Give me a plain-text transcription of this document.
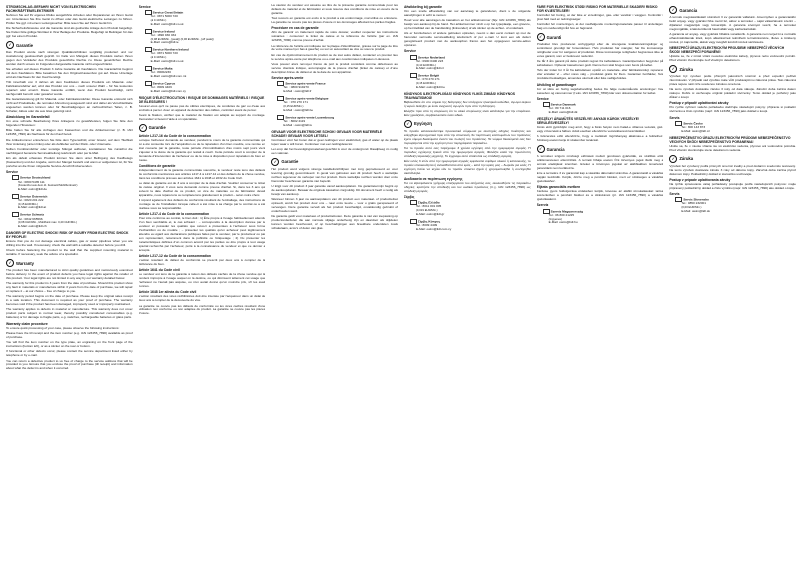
STROMSCHLAG-GEFAHR! NICHT VON ELEKTRISCHEN FACHKRÄFTEN/ELEKTRIKER

Nehmen Sie auf Ihr eigenes Risiko ausgeführte Arbeiten oder Reparaturen an Ihrem Gerät vor. Unterlassen Sie Ihre Gerät zu öffnen oder das Gerät elektrische Leitungen zu führen. Prüfen Sie ggf. mit einem Leitungssucher. Bitte lesen Sie auf Ihrem Gerät hin.

Die Sicherheitshinweise und die Garantie sind als gedruckte Anlage dem Produkt beigefügt. Sie finden bitte gültige Wortlaut in Ihrer Beilage der Produkte. Beigefügt ist Beiträgen für das ggf. bei einem Produkt.

✓	Garantie

Das Produkt wurde nach strengen Qualitätsrichtlinien sorgfältig produziert und vor Auslieferung gewissenhaft geprüft. Im Falle von Mängeln dieses Produkts stehen Ihnen gegen den Verkäufer des Produkts gesetzliche Rechte zu. Diese gesetzlichen Rechte werden durch unsere im Folgenden dargestellte Garantie nicht eingeschränkt.

Sie erhalten auf dieses Produkt 3 Jahre Garantie ab Kaufdatum. Die Garantiefrist beginnt mit dem Kaufdatum. Bitte bewahren Sie den Original-Kassenbon gut auf. Diese Unterlage wird als Nachweis für den Kauf benötigt.

Tritt innerhalb von 3 Jahren ab dem Kaufdatum dieses Produkts ein Material- oder Fabrikationsfehler auf, wird das Produkt von uns – nach unserer Wahl – für Sie kostenlos repariert oder ersetzt. Diese Garantie entfällt, wenn das Produkt beschädigt, nicht sachgemäß benutzt oder gewartet wurde.

Die Garantieleistung gilt für Material- oder Fabrikationsfehler. Diese Garantie erstreckt sich nicht auf Produktteile, die normaler Abnutzung ausgesetzt sind und daher als Verschleißteile angesehen werden können oder für Beschädigungen an zerbrechlichen Teilen, z. B. Schalter, Akkus oder die aus Glas gefertigt sind.

Abwicklung im Garantiefall

Um eine schnelle Bearbeitung Ihres Anliegens zu gewährleisten, folgen Sie bitte den folgenden Hinweisen:

Bitte halten Sie für alle Anfragen den Kassenbon und die Artikelnummer (z. B. IAN 123456_7890) als Nachweis für den Kauf bereit.

Die Artikelnummer entnehmen Sie bitte dem Typenschild, einer Gravur, auf dem Titelblatt Ihrer Anleitung (unten links) oder als Aufkleber auf der Rück- oder Unterseite.

Sollten Funktionsfehler oder sonstige Mängel auftreten, kontaktieren Sie zunächst die nachfolgend benannte Serviceabteilung telefonisch oder per E-Mail.

Ein als defekt erfasstes Produkt können Sie dann unter Beifügung des Kaufbelegs (Kassenbon) und der Angabe, worin der Mangel besteht und wann er aufgetreten ist, für Sie portofrei an die Ihnen mitgeteilte Service-Anschrift übersenden.

Service
Service Deutschland
Tel.: 0800 5435 111
(Kostenfrei aus dem dt. Festnetz/Mobilfunknetz)
E-Mail: owim@lidl.de
Service Österreich
Tel.: 0820 201 222
(0,15 EUR/Min.)
E-Mail: owim@lidl.at
Service Schweiz
Tel.: 0842 665566
(0,08 CHF/Min., Mobilfunk max. 0,40 CHF/Min.)
E-Mail: owim@lidl.ch
DANGER OF ELECTRIC SHOCK! RISK OF INJURY FROM ELECTRIC SHOCK BY PEOPLE!

Ensure that you do not damage electrical cables, gas or water pipelines when you are drilling into the wall. If necessary, check the wall with a suitable detector before you drill.

Check before fastening the product to the wall that the supplied mounting material is suitable. If necessary, seek the advice of a specialist.

✓	Warranty

The product has been manufactured to strict quality guidelines and meticulously examined before delivery. In the event of product defects you have legal rights against the retailer of this product. Your legal rights are not limited in any way by our warranty detailed below.

The warranty for this product is 3 years from the date of purchase. Should this product show any fault in materials or manufacture within 3 years from the date of purchase, we will repair or replace it – at our choice – free of charge to you.

The warranty period begins on the date of purchase. Please keep the original sales receipt in a safe location. This document is required as your proof of purchase. The warranty becomes void if the product has been damaged, improperly used or improperly maintained.

The warranty applies to defects in material or manufacture. This warranty does not cover product parts subject to normal wear, thereby possibly considered consumables (e.g. batteries) or for damage to fragile parts, e.g. switches, rechargeable batteries or glass parts.

Warranty claim procedure

To ensure quick processing of your case, please observe the following instructions:

Please have the till receipt and the item number (e.g. IAN 123456_7890) available as proof of purchase.

You will find the item number on the type plate, an engraving on the front page of the instructions (bottom left), or as a sticker on the rear or bottom.

If functional or other defects occur, please contact the service department listed either by telephone or by e-mail.

You can return a defective product to us free of charge to the service address that will be provided to you. Ensure that you enclose the proof of purchase (till receipt) and information about what the defect is and when it occurred.

Service
Service Great Britain
Tel.: 0871 5000 720
(£ 0.10/Min.)
E-Mail: owim@lidl.co.uk
Service Ireland
Tel.: 1890 930 034
(0,08 EUR/Min., [peak]) (0,06 EUR/Min., [off peak])
E-Mail: owim@lidl.ie
Service Northern Ireland
Tel.: 0871 5000 720
(£ 0.10/Min.)
E-Mail: owim@lidl.co.uk
Service Malta
Tel.: 80062230
E-Mail: owim@lidl.com.mt
Service Cyprus
Tel.: 8009 4409
E-Mail: owim@lidl.com.cy
RISQUE D'ÉLECTROCUTION ! RISQUE DE DOMMAGES MATÉRIELS ! RISQUE DE BLESSURES !

Assurez-vous qu'il ne passe pas de câbles électriques, de conduites de gaz ou d'eau aux endroits à percer. Avec un appareil de détection des câbles, contrôlez avant de percer.

Avant la fixation, vérifiez que le matériel de fixation est adapté au support de montage. Demandez si besoin l'aide à un spécialiste.

✓	Garantie
Article L217-16 du Code de la consommation

Lorsque l'acheteur demande au vendeur, pendant le cours de la garantie commerciale qui lui a été consentie lors de l'acquisition ou de la réparation d'un bien meuble, une remise en état couverte par la garantie, toute période d'immobilisation d'au moins sept jours vient s'ajouter à la durée de la garantie qui restait à courir. Cette période court à compter de la demande d'intervention de l'acheteur ou de la mise à disposition pour réparation du bien en cause.

Conditions de garantie

Indépendamment de la garantie commerciale souscrite, le vendeur reste tenu des défauts de conformité mentionnés aux articles L217-4 à L217-12 et des défauts de la chose vendue, dans les conditions prévues aux articles 1641 à 1648 et 2232 du Code Civil.

Le délai de garantie est de 3 ans à compter de la date d'achat. Veuillez conserver le ticket de caisse original. Il vous sera demandé comme preuve d'achat. Si, dans les 3 ans qui suivent la date d'achat de ce produit, un vice de matériau ou de fabrication devait apparaître, nous réparerons ou remplacerons gratuitement le produit – selon notre choix.

Il répond également des défauts de conformité résultant de l'emballage, des instructions de montage ou de l'installation lorsque celle-ci a été mise à sa charge par le contrat ou a été réalisée sous sa responsabilité.

Article L217-4 du Code de la consommation

Pour être conforme au contrat, le bien doit : 1) Être propre à l'usage habituellement attendu d'un bien semblable et, le cas échéant : – correspondre à la description donnée par le vendeur et posséder les qualités que celui-ci a présentées à l'acheteur sous forme d'échantillon ou de modèle ; – présenter les qualités qu'un acheteur peut légitimement attendre eu égard aux déclarations publiques faites par le vendeur, par le producteur ou par son représentant, notamment dans la publicité ou l'étiquetage ; 2) Ou présenter les caractéristiques définies d'un commun accord par les parties ou être propre à tout usage spécial recherché par l'acheteur, porté à la connaissance du vendeur et que ce dernier a accepté.

Article L217-12 du Code de la consommation

L'action résultant du défaut de conformité se prescrit par deux ans à compter de la délivrance du bien.

Article 1641 du Code civil

Le vendeur est tenu de la garantie à raison des défauts cachés de la chose vendue qui la rendent impropre à l'usage auquel on la destine, ou qui diminuent tellement cet usage que l'acheteur ne l'aurait pas acquise, ou n'en aurait donné qu'un moindre prix, s'il les avait connus.

Article 1648 1er alinéa du Code civil

L'action résultant des vices rédhibitoires doit être intentée par l'acquéreur dans un délai de deux ans à compter de la découverte du vice.

La garantie ne couvre pas les défauts de conformité ou les vices cachés résultant d'une utilisation non conforme ou non adaptée du produit. La garantie ne couvre pas les pièces d'usure.

La caution du vendeur est assurée au titre de la présente garantie commerciale pour les défauts de matériel et de fabrication et sous réserve des conditions de mise en œuvre de la garantie.

Tout recours en garantie est exclu si le produit a été endommagé, mal utilisé ou entretenu. La garantie ne couvre pas les pièces d'usure ni les dommages affectant les parties fragiles.

Procédure en cas de garantie

Afin de garantir un traitement rapide de votre dossier, veuillez respecter les instructions suivantes : conservez le ticket de caisse et la référence de l'article (par ex. IAN 123456_7890) comme preuve d'achat.

La référence de l'article est indiquée sur la plaque d'identification, gravée sur la page de titre de votre manuel (en bas à gauche) ou sur un autocollant au dos ou sous le produit.

En cas de dysfonctionnement du produit ou de tout autre défaut, contactez en premier lieu le service après-vente par téléphone ou e-mail aux coordonnées indiquées ci-dessous.

Vous pouvez alors renvoyer franco de port le produit considéré comme défectueux au service clientèle indiqué, accompagné de la preuve d'achat (ticket de caisse) et d'une description brève du défaut et de la date de son apparition.

Service après-vente
Service après-vente France
Tel. : 0800 919270
E-Mail : owim@lidl.fr
Service après-vente Belgique
Tel. : 070 270 171
(0,15 EUR/Min.)
E-Mail : owim@lidl.be
Service après-vente Luxembourg
Tel. : 8002 2119
E-Mail : owim@lidl.lu
GEVAAR VOOR ELEKTRISCHE SCHOK! GEVAAR VOOR MATERIËLE SCHADE! GEVAAR VOOR LETSEL!

Controleer vóór het boren dat er geen leidingen voor elektriciteit, gas of water op de plaats lopen waar u wilt boren. Controleer met een leidingdetector.

Let erop dat het bevestigingsmateriaal geschikt is voor de ondergrond. Raadpleeg zo nodig een vakman.

✓	Garantie

Het product werd volgens strenge kwaliteitsrichtlijnen met zorg geproduceerd en voor levering grondig gecontroleerd. In geval van gebreken aan dit product heeft u wettelijke rechten tegenover de verkoper van het product. Deze wettelijke rechten worden door onze hieronder beschreven garantie niet beperkt.

U krijgt voor dit product 3 jaar garantie vanaf aankoopdatum. De garantietermijn begint op de aankoopdatum. Bewaar de originele kassabon zorgvuldig. Dit document heeft u nodig als bewijs van aankoop.

Wanneer binnen 3 jaar na aankoopdatum van dit product een materiaal- of productiefout optreedt, wordt het product door ons – naar onze keuze – voor u gratis gerepareerd of vervangen. Deze garantie vervalt als het product beschadigd, onvakkundig gebruikt of onderhouden werd.

De garantie geldt voor materiaal- of productiefouten. Deze garantie is niet van toepassing op productonderdelen die aan normale slijtage onderhevig zijn en daardoor als slijtdelen kunnen worden beschouwd, of op beschadigingen aan breekbare onderdelen zoals schakelaars, accu's of delen van glas.

Afwikkeling bij garantie

Om een snelle afhandeling van uw aanvraag te garanderen, dient u de volgende aanwijzingen in acht te nemen:

Houd voor alle aanvragen de kassabon en het artikelnummer (bijv. IAN 123456_7890) als bewijs van aankoop bij de hand. Het artikelnummer vindt u op het typeplaatje, een gravure, op het titelblad van de handleiding (linksonder) of als sticker op de achter- of onderkant.

Als er functiefouten of andere gebreken optreden, neemt u dan eerst contact op met de hieronder vermelde serviceafdeling telefonisch of per e-mail. U kunt een als defect geregistreerd product met de aankoopbon franco aan het opgegeven service-adres opsturen.

Service
Service Nederland
Tel.: 0900 0400 223
(0,10 EUR/Min.)
E-Mail: owim@lidl.nl
Service België
Tel.: 070 270 171
(0,15 EUR/Min.)
E-Mail: owim@lidl.be
KÍNDYNOS ILEKTROPLIXÍAS! KÍNDYNOS YLIKÍS ZIMIÁS! KÍNDYNOS TRAVMATISMOÚ!

Βεβαιωθείτε ότι στο σημείο της διάτρησης δεν υπάρχουν ηλεκτρικά καλώδια, αγωγοί αερίου ή νερού. Ελέγξτε με έναν ανιχνευτή αγωγών πριν από τη διάτρηση.

Ελέγξτε πριν από τη στερέωση ότι το υλικό στερέωσης είναι κατάλληλο για την επιφάνεια. Εάν χρειάζεται, συμβουλευτείτε έναν ειδικό.

✓	Εγγύηση

Το προϊόν κατασκευάστηκε προσεκτικά σύμφωνα με αυστηρές οδηγίες ποιότητας και ελέγχθηκε εξονυχιστικά πριν από την αποστολή. Σε περίπτωση ελαττωμάτων του προϊόντος έχετε νόμιμα δικαιώματα έναντι του πωλητή του προϊόντος. Τα νόμιμα δικαιώματά σας δεν περιορίζονται από την εγγύηση που περιγράφεται παρακάτω.

Για το προϊόν αυτό σας παρέχουμε 3 χρόνια εγγύηση από την ημερομηνία αγοράς. Η περίοδος εγγύησης ξεκινά από την ημερομηνία αγοράς. Φυλάξτε καλά την πρωτότυπη απόδειξη ταμειακής μηχανής. Το έγγραφο αυτό απαιτείται ως απόδειξη αγοράς.

Εάν εντός 3 ετών από την ημερομηνία αγοράς εμφανιστεί σφάλμα υλικού ή κατασκευής, το προϊόν επισκευάζεται ή αντικαθίσταται από εμάς – κατά την κρίση μας – δωρεάν για εσάς. Η εγγύηση παύει να ισχύει εάν το προϊόν υποστεί ζημιά ή χρησιμοποιηθεί ή συντηρηθεί ακατάλληλα.

Διαδικασία σε περίπτωση εγγύησης

Για να εξασφαλίσετε γρήγορη επεξεργασία του αιτήματός σας, ακολουθήστε τις παρακάτω οδηγίες: κρατήστε την απόδειξη και τον κωδικό προϊόντος (π.χ. IAN 123456_7890) ως απόδειξη αγοράς.

Σέρβις
Σέρβις Ελλάδα
Tel.: 8011 001 005
(0,019 EUR/Min.)
E-Mail: owim@lidl.gr
Σέρβις Κύπρος
Tel.: 8009 4409
E-Mail: owim@lidl.com.cy
FARE FOR ELEKTRISK STØD! RISIKO FOR MATERIELLE SKADER! RISIKO FOR KVÆSTELSER!

Kontrollér før boring, at der ikke er el-ledninger, gas- eller vandrør i væggen. Kontrollér i givet fald med en ledningssøger.

Kontrollér før monteringen, at det medfølgende monteringsmateriale passer til underlaget. Søg om nødvendigt råd hos en fagmand.

✓	Garanti

Produktet blev produceret omhyggeligt efter de strengeste kvalitetsretningslinjer og kontrolleret grundigt før forsendelsen. Hvis produktet har mangler, har De lovmæssige rettigheder over for sælgeren af produktet. Disse lovmæssige rettigheder begrænses ikke af vores garanti, som er beskrevet nedenfor.

De får 3 års garanti på dette produkt regnet fra købsdatoen. Garantiperioden begynder på købsdatoen. Opbevar kassebonen godt. Denne bon skal bruges som bevis på købet.

Hvis der inden for 3 år fra købsdatoen opstår en materiale- eller fabrikationsfejl, reparerer eller erstatter vi – efter vores valg – produktet gratis for Dem. Garantien bortfalder, hvis produktet beskadiges, anvendes ukorrekt eller ikke vedligeholdes.

Afvikling af garantisager

For at sikre en hurtig sagsbehandling bedes De følge nedenstående anvisninger: hav kassebon og varenummer (f.eks. IAN 123456_7890) klar som dokumentation for købet.

Service
Service Danmark
Tel.: 80 711 016
E-Mail: owim@lidl.dk
VESZÉLY! ÁRAMÜTÉS VESZÉLYE! ANYAGI KÁROK VESZÉLYE! SÉRÜLÉSVESZÉLY!

Fúrás előtt győződjön meg arról, hogy a fúrás helyén nem halad-e villamos vezeték, gáz- vagy vízvezeték a falban. Adott esetben ellenőrizze vezetékkereső készülékkel.

A felszerelés előtt ellenőrizze, hogy a mellékelt rögzítőanyag alkalmas-e a felülethez. Szükség esetén kérje ki szakember tanácsát.

✓	Garancia

A terméket szigorú minőségi előírások mellett gondosan gyártották, és szállítás előtt lelkiismeretesen ellenőrizték. A termék hibája esetén Önt törvényes jogok illetik meg a termék eladójával szemben. Ezeket a törvényes jogokat az alábbiakban ismertetett garanciánk nem korlátozza.

Erre a termékre 3 év garanciát kap a vásárlás dátumától számítva. A garanciaidő a vásárlás napján kezdődik. Kérjük, őrizze meg a pénztári blokkot, mert ez szükséges a vásárlás igazolásához.

Eljárás garanciális esetben

Kérdése gyors feldolgozása érdekében kérjük, kövesse az alábbi útmutatásokat: tartsa készenlétben a pénztári blokkot és a cikkszámot (pl. IAN 123456_7890) a vásárlás igazolásaként.

Szerviz
Szerviz Magyarország
Tel.: 06 800 21225
(Ingyenes)
E-Mail: owim@lidl.hu
✓	Garancia

A termék megvásárlásától számított 3 év garanciát vállalunk. Amennyiben a garanciaidőn belül anyag- vagy gyártási hiba merül fel, akkor a terméket – saját választásunk szerint – díjtalanul megjavítjuk vagy kicseréljük. A garancia érvényét veszti, ha a terméket megrongálták, szakszerűtlenül használták vagy karbantartották.

A garancia az anyag- vagy gyártási hibákra vonatkozik. A garancia nem terjed ki a normális elhasználódásnak kitett, kopó alkatrésznek tekinthető termékrészekre, illetve a törékeny részek, pl. kapcsolók, akkuk vagy üvegből készült részek sérüléseire.

NEBEZPEČÍ ÚRAZU ELEKTRICKÝM PROUDEM! NEBEZPEČÍ VĚCNÝCH ŠKOD! NEBEZPEČÍ PORANĚNÍ!

Ujistěte se, že v místě vrtání nevedou elektrické kabely, plynové nebo vodovodní potrubí. Před vrtáním zkontrolujte zeď vhodným detektorem.

✓	Záruka

Výrobek byl vyroben podle přísných jakostních směrnic a před expedicí pečlivě zkontrolován. V případě vad výrobku máte vůči prodávajícímu zákonná práva. Tato zákonná práva nejsou naší níže uvedenou zárukou omezena.

Na tento výrobek dostáváte záruku 3 roky od data nákupu. Záruční doba začíná datem nákupu. Dobře si uschovejte originál pokladní stvrzenky. Tento doklad je potřebný jako důkaz o koupi.

Postup v případě uplatňování záruky

Pro rychlé vyřízení vašeho požadavku dodržujte následující pokyny: připravte si pokladní stvrzenku a číslo výrobku (např. IAN 123456_7890) jako doklad o koupi.

Servis
Servis Česko
Tel.: 800 143 873
E-Mail: owim@lidl.cz
NEBEZPEČENSTVO ÚRAZU ELEKTRICKÝM PRÚDOM! NEBEZPEČENSTVO VECNÝCH ŠKÔD! NEBEZPEČENSTVO PORANENIA!

Uistite sa, že v mieste vŕtania nie sú elektrické vedenia, plynové ani vodovodné potrubia. Pred vŕtaním skontrolujte stenu detektorom vedenia.

✓	Záruka

Výrobok bol vyrobený podľa prísnych smerníc kvality a pred dodaním svedomito testovaný. Na tento výrobok dostávate záruku 3 roky od dátumu kúpy. Záručná doba začína plynúť dátumom kúpy. Pokladničný doklad si starostlivo uschovajte.

Postup v prípade uplatňovania záruky

Na rýchle spracovanie vašej požiadavky postupujte podľa nasledujúcich pokynov: majte pripravený pokladničný doklad a číslo výrobku (napr. IAN 123456_7890) ako doklad o kúpe.

Servis
Servis Slovensko
Tel.: 0850 232001
(0,03 EUR/Min.)
E-Mail: owim@lidl.sk
